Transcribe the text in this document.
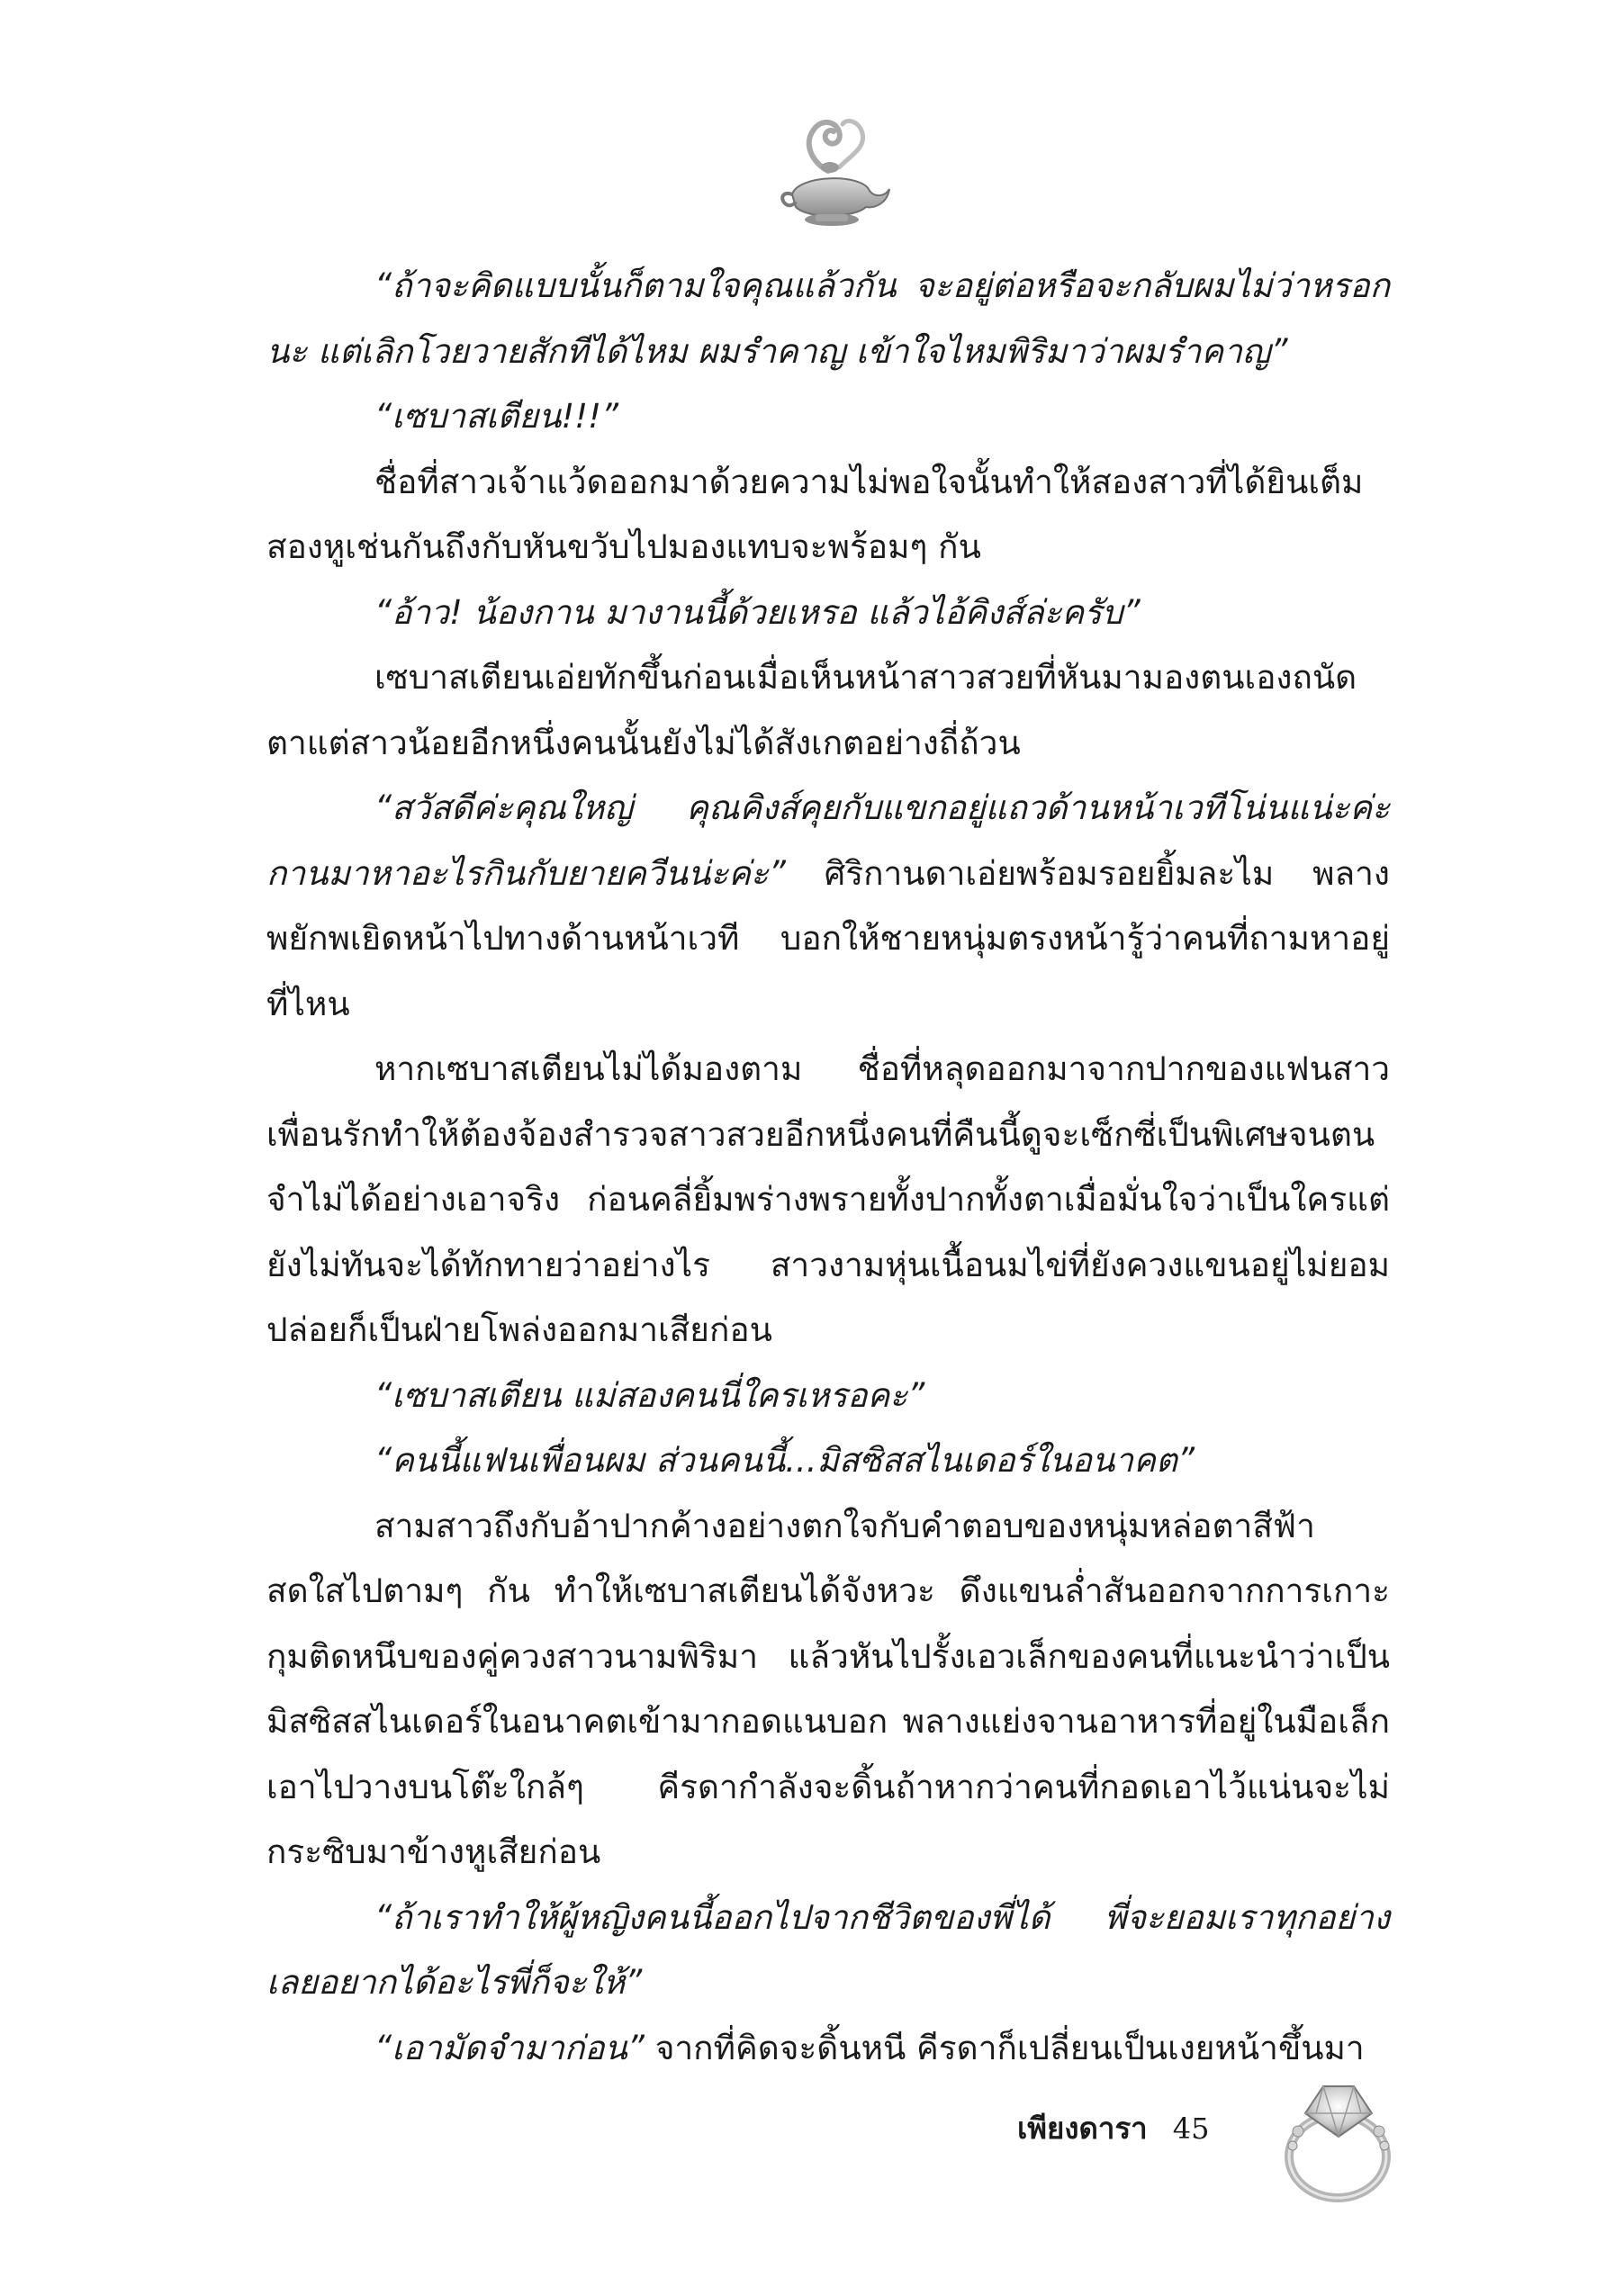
“ถ้าจะคิดแบบนั้นก็ตามใจคุณแล้วกัน จะอยู่ต่อหรือจะกลับผมไม่ว่าหรอกนะ แต่เลิกโวยวายสักทีได้ไหม ผมรำคาญ เข้าใจไหมพิริมาว่าผมรำคาญ”

“เซบาสเตียน!!!”

ชื่อที่สาวเจ้าแว้ดออกมาด้วยความไม่พอใจนั้นทำให้สองสาวที่ได้ยินเต็มสองหูเช่นกันถึงกับหันขวับไปมองแทบจะพร้อมๆ กัน

“อ้าว! น้องกาน มางานนี้ด้วยเหรอ แล้วไอ้คิงส์ล่ะครับ”

เซบาสเตียนเอ่ยทักขึ้นก่อนเมื่อเห็นหน้าสาวสวยที่หันมามองตนเองถนัดตาแต่สาวน้อยอีกหนึ่งคนนั้นยังไม่ได้สังเกตอย่างถี่ถ้วน

“สวัสดีค่ะคุณใหญ่ คุณคิงส์คุยกับแขกอยู่แถวด้านหน้าเวทีโน่นแน่ะค่ะกานมาหาอะไรกินกับยายควีนน่ะค่ะ” ศิริกานดาเอ่ยพร้อมรอยยิ้มละไม พลางพยักพเยิดหน้าไปทางด้านหน้าเวที บอกให้ชายหนุ่มตรงหน้ารู้ว่าคนที่ถามหาอยู่ที่ไหน

หากเซบาสเตียนไม่ได้มองตาม ชื่อที่หลุดออกมาจากปากของแฟนสาวเพื่อนรักทำให้ต้องจ้องสำรวจสาวสวยอีกหนึ่งคนที่คืนนี้ดูจะเซ็กซี่เป็นพิเศษจนตนจำไม่ได้อย่างเอาจริง ก่อนคลี่ยิ้มพร่างพรายทั้งปากทั้งตาเมื่อมั่นใจว่าเป็นใครแต่ยังไม่ทันจะได้ทักทายว่าอย่างไร สาวงามหุ่นเนื้อนมไข่ที่ยังควงแขนอยู่ไม่ยอมปล่อยก็เป็นฝ่ายโพล่งออกมาเสียก่อน

“เซบาสเตียน แม่สองคนนี่ใครเหรอคะ”

“คนนี้แฟนเพื่อนผม ส่วนคนนี้...มิสซิสสไนเดอร์ในอนาคต”

สามสาวถึงกับอ้าปากค้างอย่างตกใจกับคำตอบของหนุ่มหล่อตาสีฟ้าสดใสไปตามๆ กัน ทำให้เซบาสเตียนได้จังหวะ ดึงแขนล่ำสันออกจากการเกาะกุมติดหนึบของคู่ควงสาวนามพิริมา แล้วหันไปรั้งเอวเล็กของคนที่แนะนำว่าเป็นมิสซิสสไนเดอร์ในอนาคตเข้ามากอดแนบอก พลางแย่งจานอาหารที่อยู่ในมือเล็กเอาไปวางบนโต๊ะใกล้ๆ คีรดากำลังจะดิ้นถ้าหากว่าคนที่กอดเอาไว้แน่นจะไม่กระซิบมาข้างหูเสียก่อน

“ถ้าเราทำให้ผู้หญิงคนนี้ออกไปจากชีวิตของพี่ได้ พี่จะยอมเราทุกอย่างเลยอยากได้อะไรพี่ก็จะให้”

“เอามัดจำมาก่อน” จากที่คิดจะดิ้นหนี คีรดาก็เปลี่ยนเป็นเงยหน้าขึ้นมา

เพียงดารา 45
